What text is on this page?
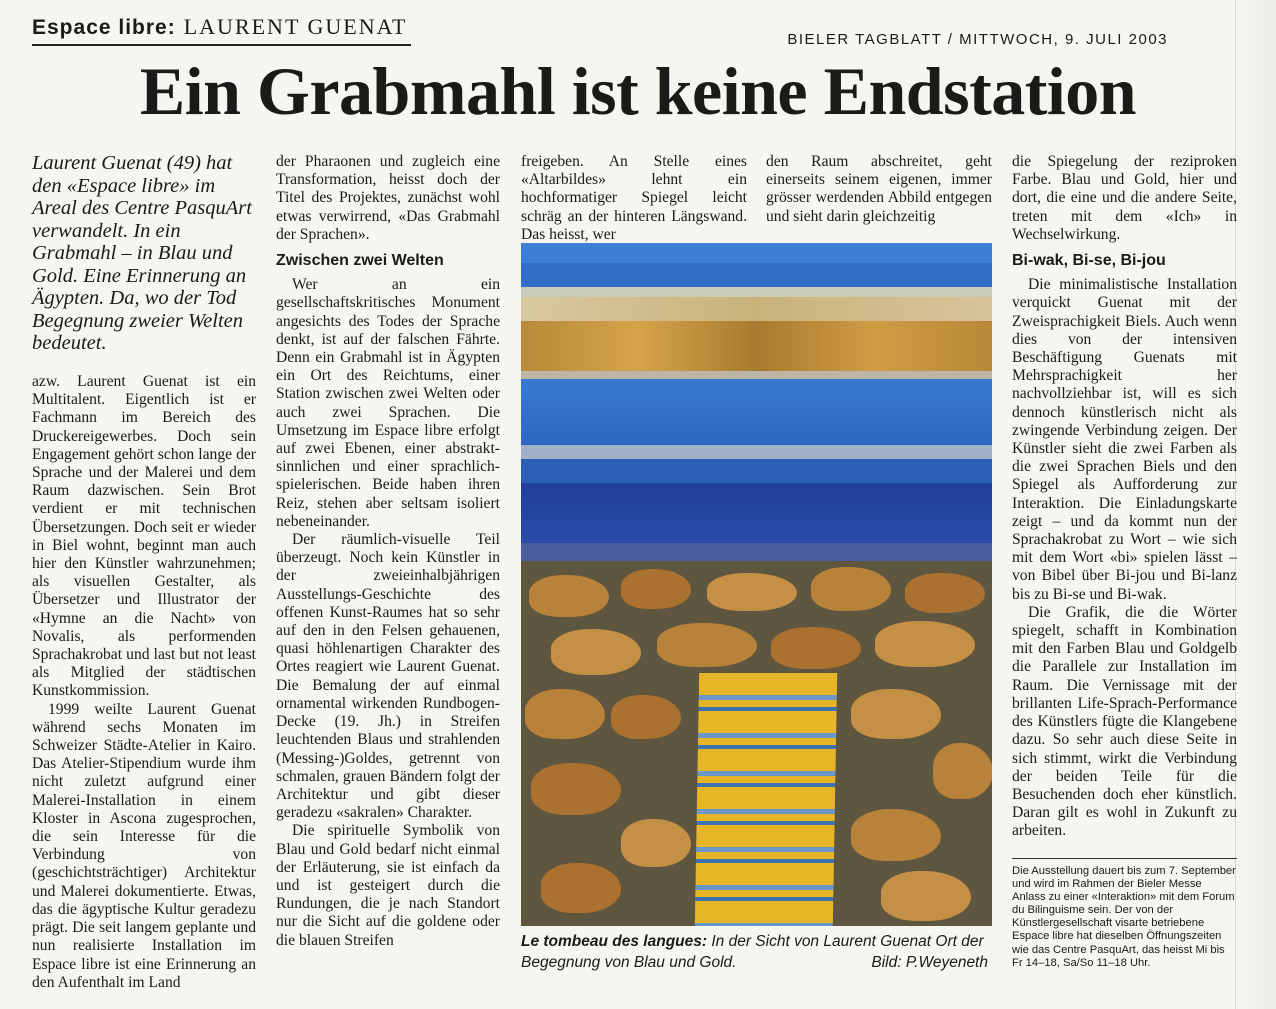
Espace libre: LAURENT GUENAT
BIELER TAGBLATT / MITTWOCH, 9. JULI 2003
Ein Grabmahl ist keine Endstation

Laurent Guenat (49) hat den «Espace libre» im Areal des Centre PasquArt verwandelt. In ein Grabmahl – in Blau und Gold. Eine Erinnerung an Ägypten. Da, wo der Tod Begegnung zweier Welten bedeutet.

azw. Laurent Guenat ist ein Multitalent. Eigentlich ist er Fachmann im Bereich des Druckereigewerbes. Doch sein Engagement gehört schon lange der Sprache und der Malerei und dem Raum dazwischen. Sein Brot verdient er mit technischen Übersetzungen. Doch seit er wieder in Biel wohnt, beginnt man auch hier den Künstler wahrzunehmen; als visuellen Gestalter, als Übersetzer und Illustrator der «Hymne an die Nacht» von Novalis, als performenden Sprachakrobat und last but not least als Mitglied der städtischen Kunstkommission.

1999 weilte Laurent Guenat während sechs Monaten im Schweizer Städte-Atelier in Kairo. Das Atelier-Stipendium wurde ihm nicht zuletzt aufgrund einer Malerei-Installation in einem Kloster in Ascona zugesprochen, die sein Interesse für die Verbindung von (geschichtsträchtiger) Architektur und Malerei dokumentierte. Etwas, das die ägyptische Kultur geradezu prägt. Die seit langem geplante und nun realisierte Installation im Espace libre ist eine Erinnerung an den Aufenthalt im Land

der Pharaonen und zugleich eine Transformation, heisst doch der Titel des Projektes, zunächst wohl etwas verwirrend, «Das Grabmahl der Sprachen».

Zwischen zwei Welten

Wer an ein gesellschaftskritisches Monument angesichts des Todes der Sprache denkt, ist auf der falschen Fährte. Denn ein Grabmahl ist in Ägypten ein Ort des Reichtums, einer Station zwischen zwei Welten oder auch zwei Sprachen. Die Umsetzung im Espace libre erfolgt auf zwei Ebenen, einer abstrakt-sinnlichen und einer sprachlich-spielerischen. Beide haben ihren Reiz, stehen aber seltsam isoliert nebeneinander.

Der räumlich-visuelle Teil überzeugt. Noch kein Künstler in der zweieinhalbjährigen Ausstellungs-Geschichte des offenen Kunst-Raumes hat so sehr auf den in den Felsen gehauenen, quasi höhlenartigen Charakter des Ortes reagiert wie Laurent Guenat. Die Bemalung der auf einmal ornamental wirkenden Rundbogen-Decke (19. Jh.) in Streifen leuchtenden Blaus und strahlenden (Messing-)Goldes, getrennt von schmalen, grauen Bändern folgt der Architektur und gibt dieser geradezu «sakralen» Charakter.

Die spirituelle Symbolik von Blau und Gold bedarf nicht einmal der Erläuterung, sie ist einfach da und ist gesteigert durch die Rundungen, die je nach Standort nur die Sicht auf die goldene oder die blauen Streifen

freigeben. An Stelle eines «Altarbildes» lehnt ein hochformatiger Spiegel leicht schräg an der hinteren Längswand. Das heisst, wer

den Raum abschreitet, geht einerseits seinem eigenen, immer grösser werdenden Abbild entgegen und sieht darin gleichzeitig

die Spiegelung der reziproken Farbe. Blau und Gold, hier und dort, die eine und die andere Seite, treten mit dem «Ich» in Wechselwirkung.

Bi-wak, Bi-se, Bi-jou

Die minimalistische Installation verquickt Guenat mit der Zweisprachigkeit Biels. Auch wenn dies von der intensiven Beschäftigung Guenats mit Mehrsprachigkeit her nachvollziehbar ist, will es sich dennoch künstlerisch nicht als zwingende Verbindung zeigen. Der Künstler sieht die zwei Farben als die zwei Sprachen Biels und den Spiegel als Aufforderung zur Interaktion. Die Einladungskarte zeigt – und da kommt nun der Sprachakrobat zu Wort – wie sich mit dem Wort «bi» spielen lässt – von Bibel über Bi-jou und Bi-lanz bis zu Bi-se und Bi-wak.

Die Grafik, die die Wörter spiegelt, schafft in Kombination mit den Farben Blau und Goldgelb die Parallele zur Installation im Raum. Die Vernissage mit der brillanten Life-Sprach-Performance des Künstlers fügte die Klangebene dazu. So sehr auch diese Seite in sich stimmt, wirkt die Verbindung der beiden Teile für die Besuchenden doch eher künstlich. Daran gilt es wohl in Zukunft zu arbeiten.

Le tombeau des langues: In der Sicht von Laurent Guenat Ort der Begegnung von Blau und Gold.	Bild: P.Weyeneth
Die Ausstellung dauert bis zum 7. September und wird im Rahmen der Bieler Messe Anlass zu einer «Interaktion» mit dem Forum du Bilinguisme sein. Der von der Künstlergesellschaft visarte betriebene Espace libre hat dieselben Öffnungszeiten wie das Centre PasquArt, das heisst Mi bis Fr 14–18, Sa/So 11–18 Uhr.
